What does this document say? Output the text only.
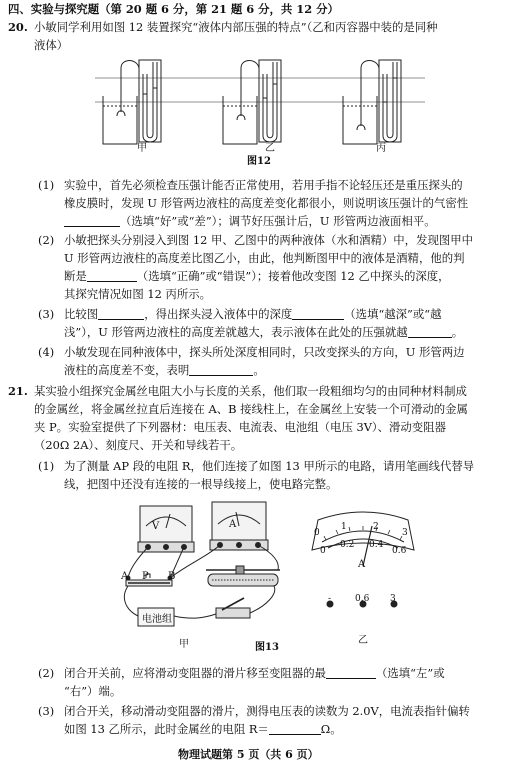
四、实验与探究题（第 20 题 6 分，第 21 题 6 分，共 12 分）
20. 小敏同学利用如图 12 装置探究“液体内部压强的特点”（乙和丙容器中装的是同种
液体）
甲	乙	丙
图12
(1) 实验中，首先必须检查压强计能否正常使用，若用手指不论轻压还是重压探头的
橡皮膜时，发现 U 形管两边液柱的高度差变化都很小，则说明该压强计的气密性
（选填“好”或“差”）；调节好压强计后，U 形管两边液面相平。
(2) 小敏把探头分别浸入到图 12 甲、乙图中的两种液体（水和酒精）中，发现图甲中
U 形管两边液柱的高度差比图乙小，由此，他判断图甲中的液体是酒精，他的判
断是	（选填“正确”或“错误”）；接着他改变图 12 乙中探头的深度，
其探究情况如图 12 丙所示。
(3) 比较图	，得出探头浸入液体中的深度	（选填“越深”或“越
浅”），U 形管两边液柱的高度差就越大，表示液体在此处的压强就越	。
(4) 小敏发现在同种液体中，探头所处深度相同时，只改变探头的方向，U 形管两边
液柱的高度差不变，表明	。
21. 某实验小组探究金属丝电阻大小与长度的关系，他们取一段粗细均匀的由同种材料制成
的金属丝，将金属丝拉直后连接在 A、B 接线柱上，在金属丝上安装一个可滑动的金属
夹 P。实验室提供了下列器材：电压表、电流表、电池组（电压 3V）、滑动变阻器
（20Ω 2A）、刻度尺、开关和导线若干。
(1) 为了测量 AP 段的电阻 R，他们连接了如图 13 甲所示的电路，请用笔画线代替导
线，把图中还没有连接的一根导线接上，使电路完整。
V	A
A P B
电池组
甲
0
1	2
3
0
0.2 0.4
0.6
A
-	0.6 3
乙
图13
(2) 闭合开关前，应将滑动变阻器的滑片移至变阻器的最	（选填“左”或
“右”）端。
(3) 闭合开关，移动滑动变阻器的滑片，测得电压表的读数为 2.0V，电流表指针偏转
如图 13 乙所示，此时金属丝的电阻 R＝	Ω。
物理试题第 5 页（共 6 页）
